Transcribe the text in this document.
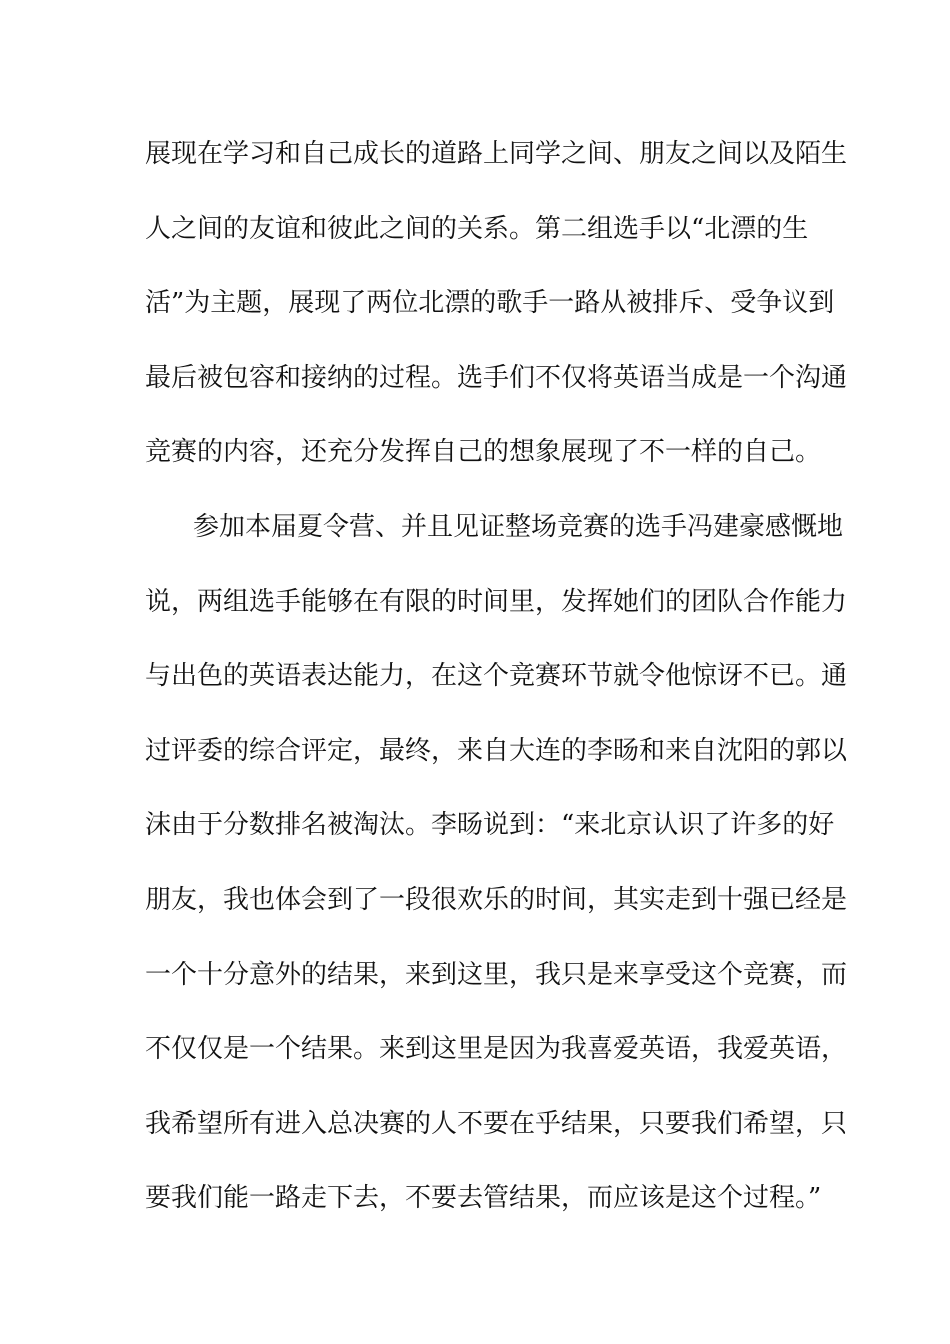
展现在学习和自己成长的道路上同学之间、朋友之间以及陌生
人之间的友谊和彼此之间的关系。第二组选手以“北漂的生
活”为主题，展现了两位北漂的歌手一路从被排斥、受争议到
最后被包容和接纳的过程。选手们不仅将英语当成是一个沟通
竞赛的内容，还充分发挥自己的想象展现了不一样的自己。
参加本届夏令营、并且见证整场竞赛的选手冯建豪感慨地
说，两组选手能够在有限的时间里，发挥她们的团队合作能力
与出色的英语表达能力，在这个竞赛环节就令他惊讶不已。通
过评委的综合评定，最终，来自大连的李旸和来自沈阳的郭以
沫由于分数排名被淘汰。李旸说到：“来北京认识了许多的好
朋友，我也体会到了一段很欢乐的时间，其实走到十强已经是
一个十分意外的结果，来到这里，我只是来享受这个竞赛，而
不仅仅是一个结果。来到这里是因为我喜爱英语，我爱英语，
我希望所有进入总决赛的人不要在乎结果，只要我们希望，只
要我们能一路走下去，不要去管结果，而应该是这个过程。”
